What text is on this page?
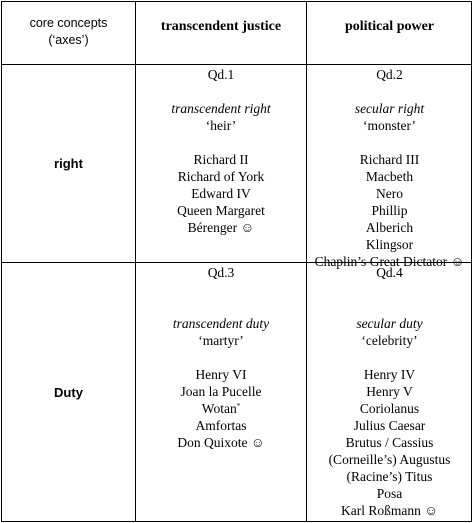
core concepts
(‘axes’)
transcendent justice	political power
right
Duty
Qd.1
transcendent right
‘heir’
Richard II
Richard of York
Edward IV
Queen Margaret
Bérenger ☺
Qd.2
secular right
‘monster’
Richard III
Macbeth
Nero
Phillip
Alberich
Klingsor
Chaplin’s Great Dictator ☺
Qd.3
transcendent duty
‘martyr’
Henry VI
Joan la Pucelle
Wotan*
Amfortas
Don Quixote ☺
Qd.4
secular duty
‘celebrity’
Henry IV
Henry V
Coriolanus
Julius Caesar
Brutus / Cassius
(Corneille’s) Augustus
(Racine’s) Titus
Posa
Karl Roßmann ☺
